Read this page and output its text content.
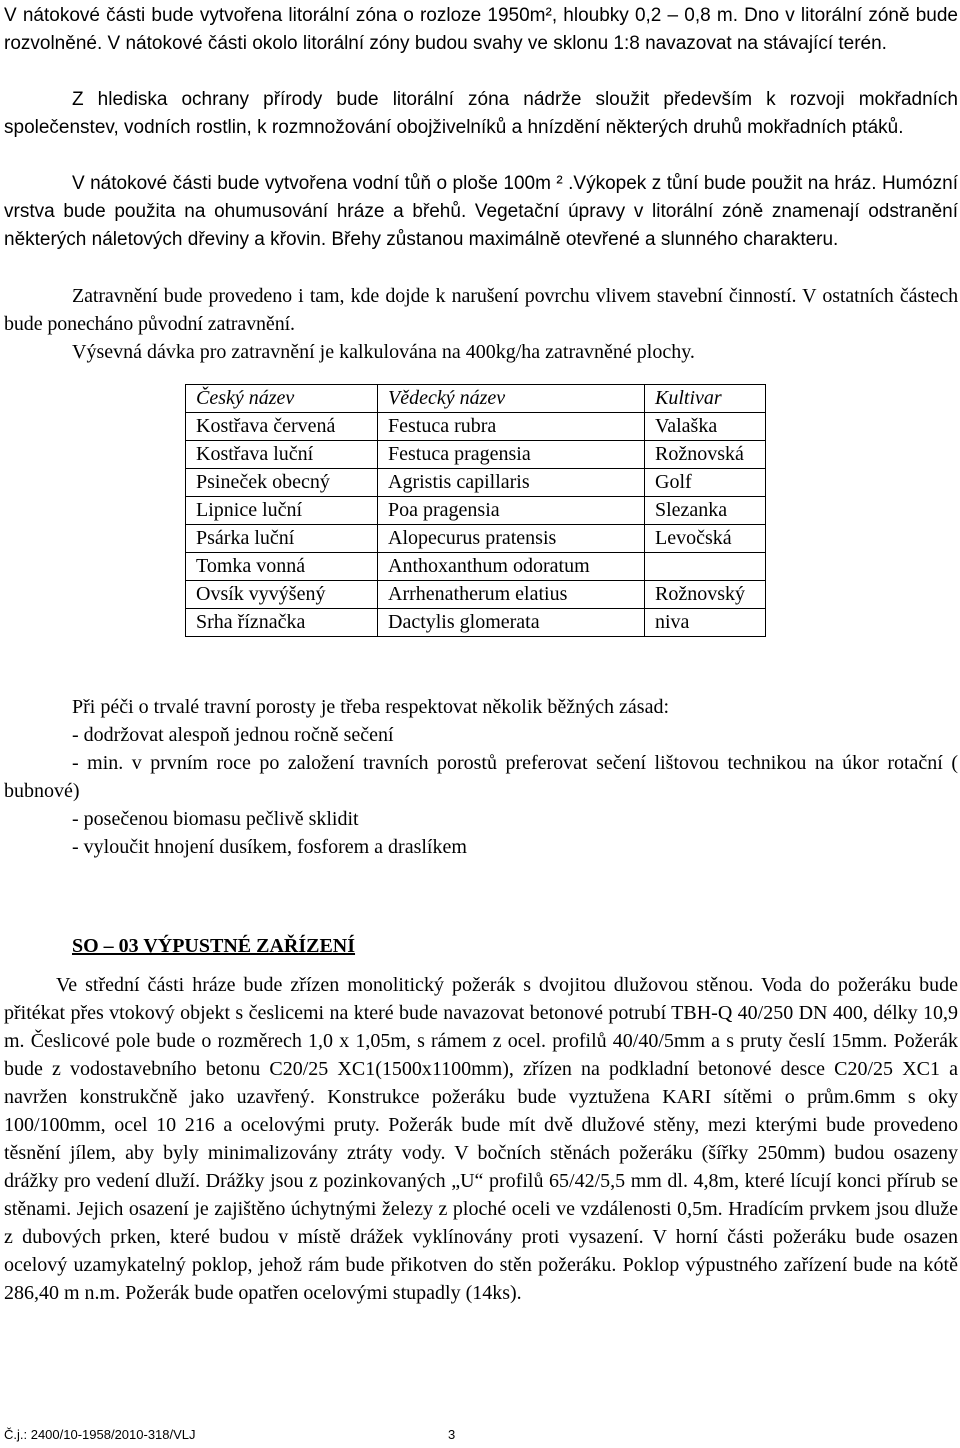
V nátokové části bude vytvořena litorální zóna o rozloze 1950m², hloubky 0,2 – 0,8 m. Dno v litorální zóně bude rozvolněné. V nátokové části okolo litorální zóny budou svahy ve sklonu 1:8 navazovat na stávající terén.

Z hlediska ochrany přírody bude litorální zóna nádrže sloužit především k rozvoji mokřadních společenstev, vodních rostlin, k rozmnožování obojživelníků a hnízdění některých druhů mokřadních ptáků.

V nátokové části bude vytvořena vodní tůň o ploše 100m ² .Výkopek z tůní bude použit na hráz. Humózní vrstva bude použita na ohumusování hráze a břehů. Vegetační úpravy v litorální zóně znamenají odstranění některých náletových dřeviny a křovin. Břehy zůstanou maximálně otevřené a slunného charakteru.

Zatravnění bude provedeno i tam, kde dojde k narušení povrchu vlivem stavební činností. V ostatních částech bude ponecháno původní zatravnění.

Výsevná dávka pro zatravnění je kalkulována na 400kg/ha zatravněné plochy.

Český název	Vědecký název	Kultivar
Kostřava červená	Festuca rubra	Valaška
Kostřava luční	Festuca pragensia	Rožnovská
Psineček obecný	Agristis capillaris	Golf
Lipnice luční	Poa pragensia	Slezanka
Psárka luční	Alopecurus pratensis	Levočská
Tomka vonná	Anthoxanthum odoratum	
Ovsík vyvýšený	Arrhenatherum elatius	Rožnovský
Srha říznačka	Dactylis glomerata	niva

Při péči o trvalé travní porosty je třeba respektovat několik běžných zásad:

- dodržovat alespoň jednou ročně sečení

- min. v prvním roce po založení travních porostů preferovat sečení lištovou technikou na úkor rotační ( bubnové)

- posečenou biomasu pečlivě sklidit

- vyloučit hnojení dusíkem, fosforem a draslíkem

SO – 03 VÝPUSTNÉ ZAŘÍZENÍ

Ve střední části hráze bude zřízen monolitický požerák s dvojitou dlužovou stěnou. Voda do požeráku bude přitékat přes vtokový objekt s česlicemi na které bude navazovat betonové potrubí TBH-Q 40/250 DN 400, délky 10,9 m. Česlicové pole bude o rozměrech 1,0 x 1,05m, s rámem z ocel. profilů 40/40/5mm a s pruty česlí 15mm. Požerák bude z vodostavebního betonu C20/25 XC1(1500x1100mm), zřízen na podkladní betonové desce C20/25 XC1 a navržen konstrukčně jako uzavřený. Konstrukce požeráku bude vyztužena KARI sítěmi o prům.6mm s oky 100/100mm, ocel 10 216 a ocelovými pruty. Požerák bude mít dvě dlužové stěny, mezi kterými bude provedeno těsnění jílem, aby byly minimalizovány ztráty vody. V bočních stěnách požeráku (šířky 250mm) budou osazeny drážky pro vedení dluží. Drážky jsou z pozinkovaných „U“ profilů 65/42/5,5 mm dl. 4,8m, které lícují konci přírub se stěnami. Jejich osazení je zajištěno úchytnými železy z ploché oceli ve vzdálenosti 0,5m. Hradícím prvkem jsou dluže z dubových prken, které budou v místě drážek vyklínovány proti vysazení. V horní části požeráku bude osazen ocelový uzamykatelný poklop, jehož rám bude přikotven do stěn požeráku. Poklop výpustného zařízení bude na kótě 286,40 m n.m. Požerák bude opatřen ocelovými stupadly (14ks).

Č.j.: 2400/10-1958/2010-318/VLJ	3
